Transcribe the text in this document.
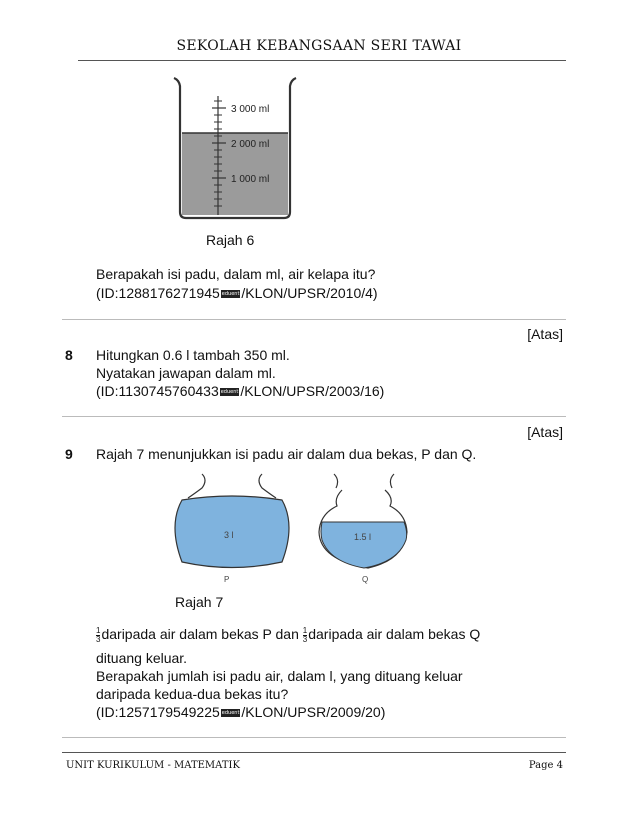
SEKOLAH KEBANGSAAN SERI TAWAI
3 000 ml
2 000 ml
1 000 ml
Rajah 6
Berapakah isi padu, dalam ml, air kelapa itu?
(ID:1288176271945 eduent /KLON/UPSR/2010/4)
[Atas]
8 Hitungkan 0.6 l tambah 350 ml.
Nyatakan jawapan dalam ml.
(ID:1130745760433 eduent /KLON/UPSR/2003/16)
[Atas]
9 Rajah 7 menunjukkan isi padu air dalam dua bekas, P dan Q.
3 l
P
1.5 l
Q
Rajah 7
$\frac{1}{3}$ daripada air dalam bekas P dan $\frac{1}{3}$ daripada air dalam bekas Q
dituang keluar.
Berapakah jumlah isi padu air, dalam l, yang dituang keluar
daripada kedua-dua bekas itu?
(ID:1257179549225 eduent /KLON/UPSR/2009/20)
UNIT KURIKULUM - MATEMATIK	Page 4
